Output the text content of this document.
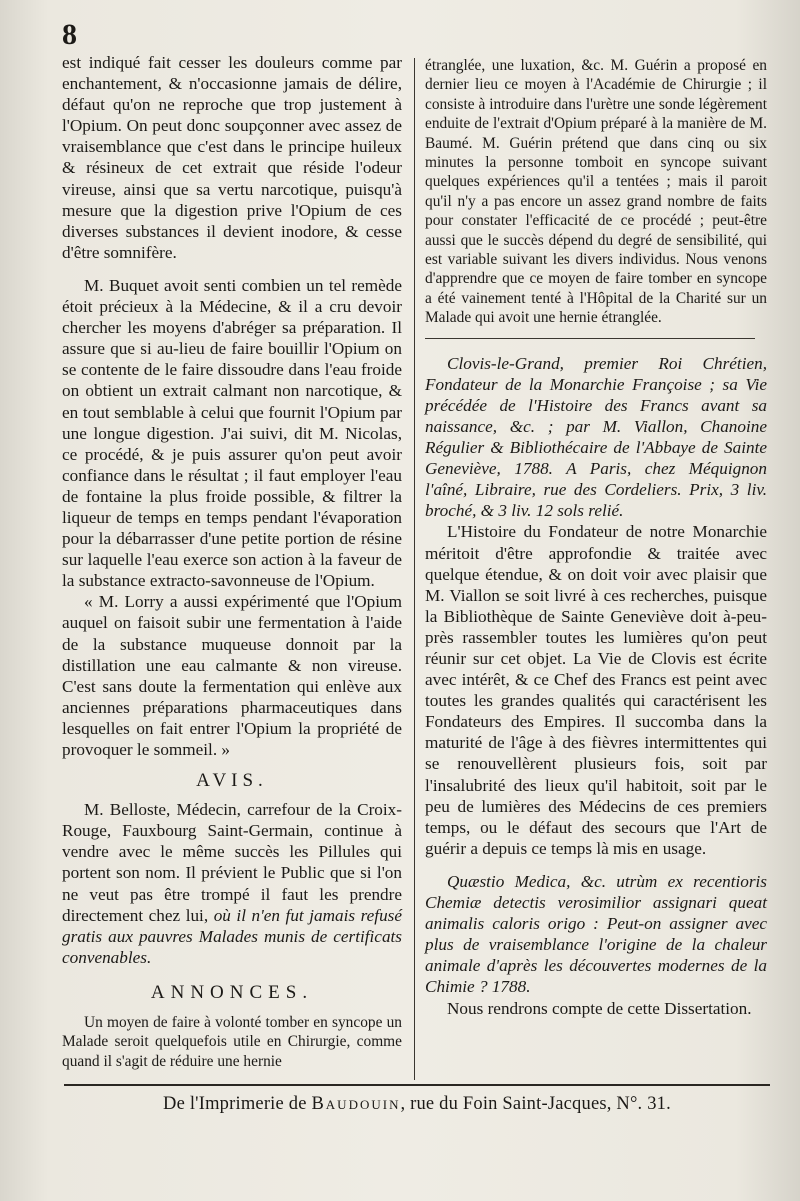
8

est indiqué fait cesser les douleurs comme par enchantement, & n'occasionne jamais de délire, défaut qu'on ne reproche que trop justement à l'Opium. On peut donc soupçonner avec assez de vraisemblance que c'est dans le principe huileux & résineux de cet extrait que réside l'odeur vireuse, ainsi que sa vertu narcotique, puisqu'à mesure que la digestion prive l'Opium de ces diverses substances il devient inodore, & cesse d'être somnifère.

M. Buquet avoit senti combien un tel remède étoit précieux à la Médecine, & il a cru devoir chercher les moyens d'abréger sa préparation. Il assure que si au-lieu de faire bouillir l'Opium on se contente de le faire dissoudre dans l'eau froide on obtient un extrait calmant non narcotique, & en tout semblable à celui que fournit l'Opium par une longue digestion. J'ai suivi, dit M. Nicolas, ce procédé, & je puis assurer qu'on peut avoir confiance dans le résultat ; il faut employer l'eau de fontaine la plus froide possible, & filtrer la liqueur de temps en temps pendant l'évaporation pour la débarrasser d'une petite portion de résine sur laquelle l'eau exerce son action à la faveur de la substance extracto-savonneuse de l'Opium.

« M. Lorry a aussi expérimenté que l'Opium auquel on faisoit subir une fermentation à l'aide de la substance muqueuse donnoit par la distillation une eau calmante & non vireuse. C'est sans doute la fermentation qui enlève aux anciennes préparations pharmaceutiques dans lesquelles on fait entrer l'Opium la propriété de provoquer le sommeil. »

AVIS.

M. Belloste, Médecin, carrefour de la Croix-Rouge, Fauxbourg Saint-Germain, continue à vendre avec le même succès les Pillules qui portent son nom. Il prévient le Public que si l'on ne veut pas être trompé il faut les prendre directement chez lui, où il n'en fut jamais refusé gratis aux pauvres Malades munis de certificats convenables.

ANNONCES.

Un moyen de faire à volonté tomber en syncope un Malade seroit quelquefois utile en Chirurgie, comme quand il s'agit de réduire une hernie

étranglée, une luxation, &c. M. Guérin a proposé en dernier lieu ce moyen à l'Académie de Chirurgie ; il consiste à introduire dans l'urètre une sonde légèrement enduite de l'extrait d'Opium préparé à la manière de M. Baumé. M. Guérin prétend que dans cinq ou six minutes la personne tomboit en syncope suivant quelques expériences qu'il a tentées ; mais il paroit qu'il n'y a pas encore un assez grand nombre de faits pour constater l'efficacité de ce procédé ; peut-être aussi que le succès dépend du degré de sensibilité, qui est variable suivant les divers individus. Nous venons d'apprendre que ce moyen de faire tomber en syncope a été vainement tenté à l'Hôpital de la Charité sur un Malade qui avoit une hernie étranglée.

Clovis-le-Grand, premier Roi Chrétien, Fondateur de la Monarchie Françoise ; sa Vie précédée de l'Histoire des Francs avant sa naissance, &c. ; par M. Viallon, Chanoine Régulier & Bibliothécaire de l'Abbaye de Sainte Geneviève, 1788. A Paris, chez Méquignon l'aîné, Libraire, rue des Cordeliers. Prix, 3 liv. broché, & 3 liv. 12 sols relié.

L'Histoire du Fondateur de notre Monarchie méritoit d'être approfondie & traitée avec quelque étendue, & on doit voir avec plaisir que M. Viallon se soit livré à ces recherches, puisque la Bibliothèque de Sainte Geneviève doit à-peu-près rassembler toutes les lumières qu'on peut réunir sur cet objet. La Vie de Clovis est écrite avec intérêt, & ce Chef des Francs est peint avec toutes les grandes qualités qui caractérisent les Fondateurs des Empires. Il succomba dans la maturité de l'âge à des fièvres intermittentes qui se renouvellèrent plusieurs fois, soit par l'insalubrité des lieux qu'il habitoit, soit par le peu de lumières des Médecins de ces premiers temps, ou le défaut des secours que l'Art de guérir a depuis ce temps là mis en usage.

Quæstio Medica, &c. utrùm ex recentioris Chemiæ detectis verosimilior assignari queat animalis caloris origo : Peut-on assigner avec plus de vraisemblance l'origine de la chaleur animale d'après les découvertes modernes de la Chimie ? 1788.

Nous rendrons compte de cette Dissertation.

De l'Imprimerie de Baudouin, rue du Foin Saint-Jacques, N°. 31.
